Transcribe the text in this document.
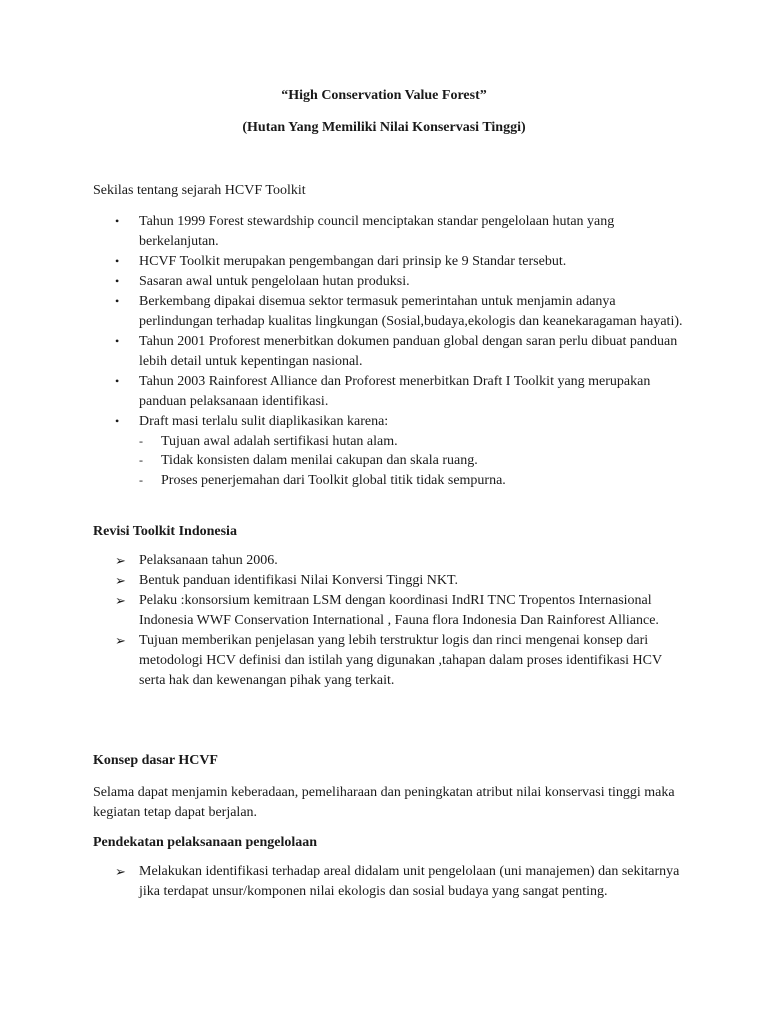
“High Conservation Value Forest”

(Hutan Yang Memiliki Nilai Konservasi Tinggi)

Sekilas tentang sejarah HCVF Toolkit

• Tahun 1999 Forest stewardship council menciptakan standar pengelolaan hutan yang berkelanjutan.
• HCVF Toolkit merupakan pengembangan dari prinsip ke 9 Standar tersebut.
• Sasaran awal untuk pengelolaan hutan produksi.
• Berkembang dipakai disemua sektor termasuk pemerintahan untuk menjamin adanya perlindungan terhadap kualitas lingkungan (Sosial,budaya,ekologis dan keanekaragaman hayati).
• Tahun 2001 Proforest menerbitkan dokumen panduan global dengan saran perlu dibuat panduan lebih detail untuk kepentingan nasional.
• Tahun 2003 Rainforest Alliance dan Proforest menerbitkan Draft I Toolkit yang merupakan panduan pelaksanaan identifikasi.
• Draft masi terlalu sulit diaplikasikan karena:
- Tujuan awal adalah sertifikasi hutan alam.
- Tidak konsisten dalam menilai cakupan dan skala ruang.
- Proses penerjemahan dari Toolkit global titik tidak sempurna.

Revisi Toolkit Indonesia

➢ Pelaksanaan tahun 2006.
➢ Bentuk panduan identifikasi Nilai Konversi Tinggi NKT.
➢ Pelaku :konsorsium kemitraan LSM dengan koordinasi IndRI TNC Tropentos Internasional Indonesia WWF Conservation International , Fauna flora Indonesia Dan Rainforest Alliance.
➢ Tujuan memberikan penjelasan yang lebih terstruktur logis dan rinci mengenai konsep dari metodologi HCV definisi dan istilah yang digunakan ,tahapan dalam proses identifikasi HCV serta hak dan kewenangan pihak yang terkait.

Konsep dasar HCVF

Selama dapat menjamin keberadaan, pemeliharaan dan peningkatan atribut nilai konservasi tinggi maka kegiatan tetap dapat berjalan.

Pendekatan pelaksanaan pengelolaan

➢ Melakukan identifikasi terhadap areal didalam unit pengelolaan (uni manajemen) dan sekitarnya jika terdapat unsur/komponen nilai ekologis dan sosial budaya yang sangat penting.
